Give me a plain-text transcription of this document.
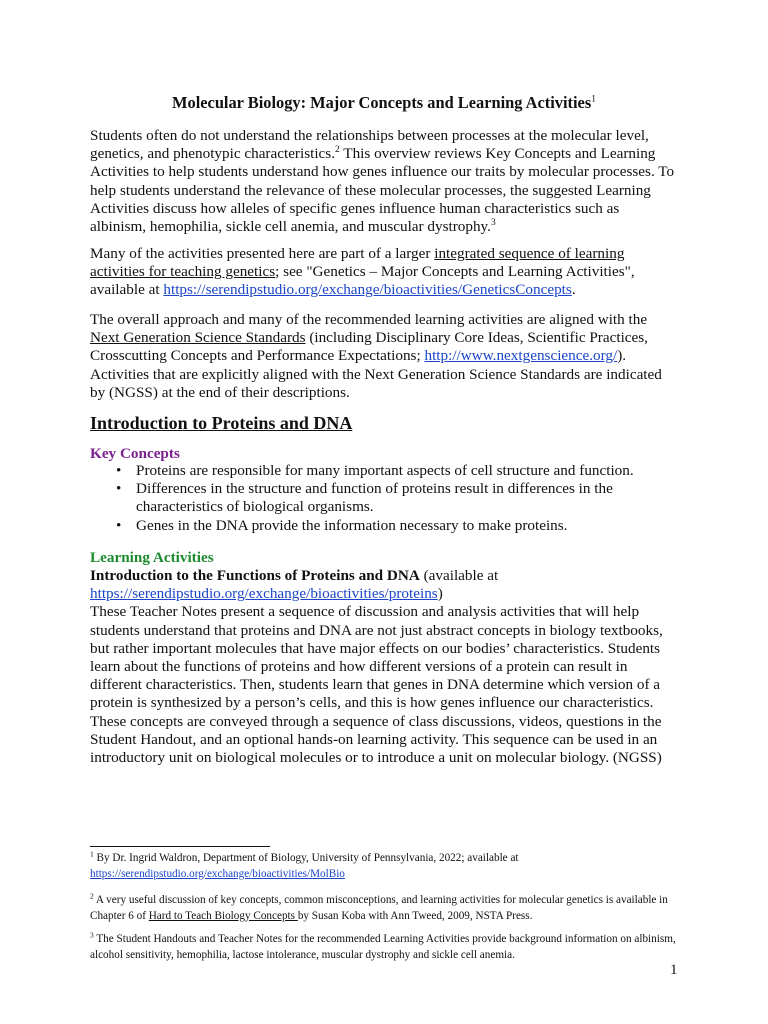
Molecular Biology: Major Concepts and Learning Activities$^1$

Students often do not understand the relationships between processes at the molecular level, genetics, and phenotypic characteristics.$^2$ This overview reviews Key Concepts and Learning Activities to help students understand how genes influence our traits by molecular processes. To help students understand the relevance of these molecular processes, the suggested Learning Activities discuss how alleles of specific genes influence human characteristics such as albinism, hemophilia, sickle cell anemia, and muscular dystrophy.$^3$

Many of the activities presented here are part of a larger integrated sequence of learning activities for teaching genetics; see "Genetics – Major Concepts and Learning Activities", available at https://serendipstudio.org/exchange/bioactivities/GeneticsConcepts.

The overall approach and many of the recommended learning activities are aligned with the Next Generation Science Standards (including Disciplinary Core Ideas, Scientific Practices, Crosscutting Concepts and Performance Expectations; http://www.nextgenscience.org/). Activities that are explicitly aligned with the Next Generation Science Standards are indicated by (NGSS) at the end of their descriptions.

Introduction to Proteins and DNA
Key Concepts
• Proteins are responsible for many important aspects of cell structure and function.
• Differences in the structure and function of proteins result in differences in the characteristics of biological organisms.
• Genes in the DNA provide the information necessary to make proteins.
Learning Activities

Introduction to the Functions of Proteins and DNA (available at https://serendipstudio.org/exchange/bioactivities/proteins)
These Teacher Notes present a sequence of discussion and analysis activities that will help students understand that proteins and DNA are not just abstract concepts in biology textbooks, but rather important molecules that have major effects on our bodies’ characteristics. Students learn about the functions of proteins and how different versions of a protein can result in different characteristics. Then, students learn that genes in DNA determine which version of a protein is synthesized by a person’s cells, and this is how genes influence our characteristics. These concepts are conveyed through a sequence of class discussions, videos, questions in the Student Handout, and an optional hands-on learning activity. This sequence can be used in an introductory unit on biological molecules or to introduce a unit on molecular biology. (NGSS)

$^1$ By Dr. Ingrid Waldron, Department of Biology, University of Pennsylvania, 2022; available at https://serendipstudio.org/exchange/bioactivities/MolBio

$^2$ A very useful discussion of key concepts, common misconceptions, and learning activities for molecular genetics is available in Chapter 6 of Hard to Teach Biology Concepts by Susan Koba with Ann Tweed, 2009, NSTA Press.

$^3$ The Student Handouts and Teacher Notes for the recommended Learning Activities provide background information on albinism, alcohol sensitivity, hemophilia, lactose intolerance, muscular dystrophy and sickle cell anemia.

1
